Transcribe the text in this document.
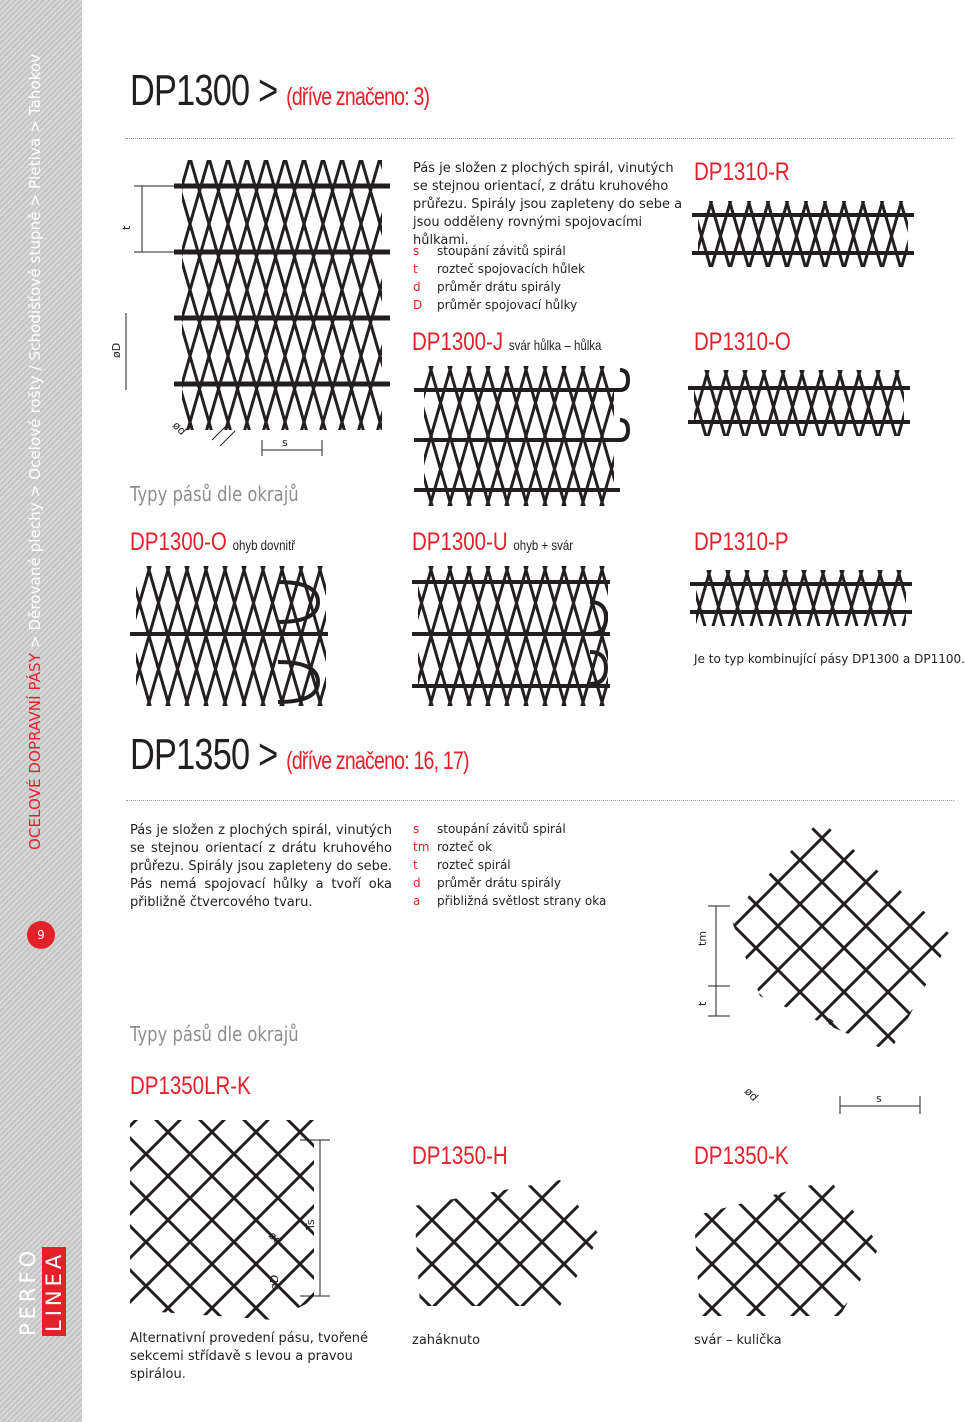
OCELOVÉ DOPRAVNÍ PÁSY > Děrované plechy > Ocelové rošty / Schodišťové stupně > Pletiva > Tahokov
9
PERFO LINEA
DP1300 > (dříve značeno: 3)
t
øD
ød
s
Pás je složen z plochých spirál, vinutých se stejnou orientací, z drátu kruhového průřezu. Spirály jsou zapleteny do sebe a jsou odděleny rovnými spojovacími hůlkami.
s	stoupání závitů spirál
t	rozteč spojovacích hůlek
d	průměr drátu spirály
D	průměr spojovací hůlky
DP1310-R
DP1300-J svár hůlka – hůlka	DP1310-O
Typy pásů dle okrajů
DP1300-O ohyb dovnitř	DP1300-U ohyb + svár	DP1310-P
Je to typ kombinující pásy DP1300 a DP1100.
DP1350 > (dříve značeno: 16, 17)
Pás je složen z plochých spirál, vinutých se stejnou orientací z drátu kruhového průřezu. Spirály jsou zapleteny do sebe. Pás nemá spojovací hůlky a tvoří oka přibližně čtvercového tvaru.
s	stoupání závitů spirál
tm rozteč ok
t	rozteč spirál
d	průměr drátu spirály
a	přibližná světlost strany oka
tm
t
a
ød	s
Typy pásů dle okrajů
DP1350LR-K
Ts
ød
øD
Alternativní provedení pásu, tvořené sekcemi střídavě s levou a pravou spirálou.
DP1350-H
zaháknuto
DP1350-K
svár – kulička
